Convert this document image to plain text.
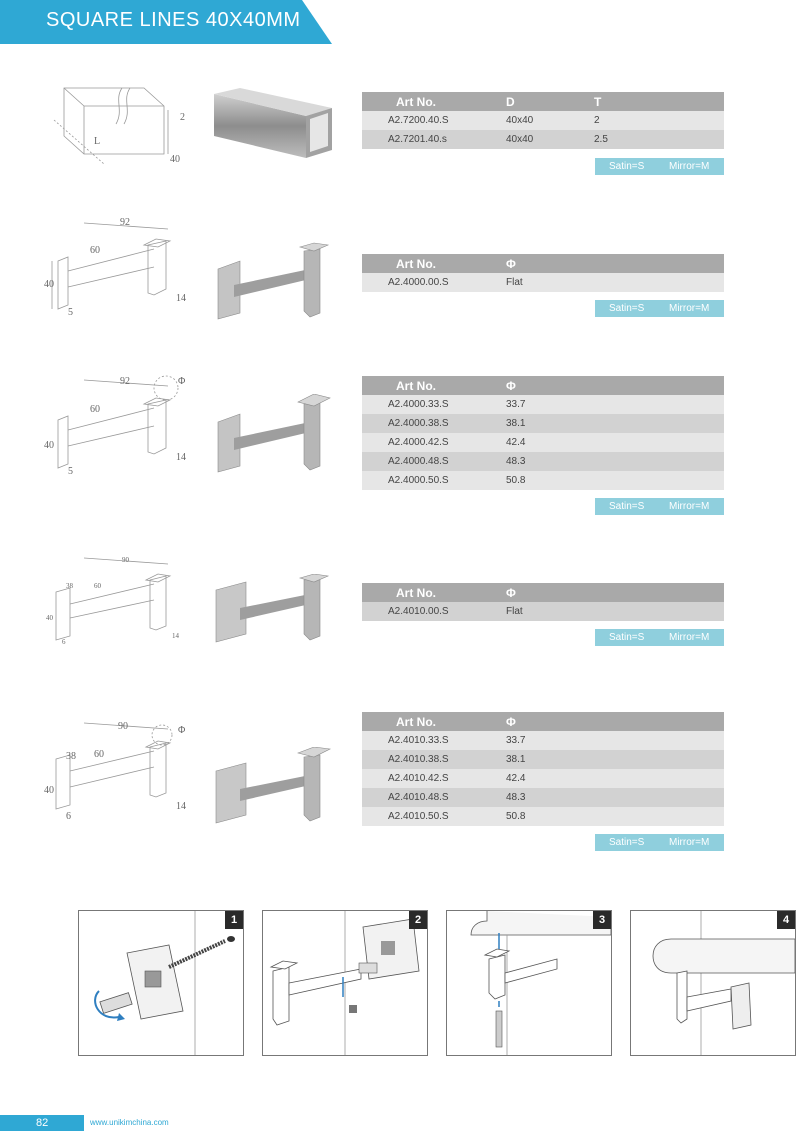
SQUARE LINES 40X40MM
L
40
2
Art No.	D	T
A2.7200.40.S	40x40	2
A2.7201.40.s	40x40	2.5
Satin=S Mirror=M
92
60
40
5
14
Art No.	Φ	
A2.4000.00.S	Flat	
Satin=S Mirror=M
92
60
40
5
14
Φ	Art No.	Φ	
A2.4000.33.S	33.7	
A2.4000.38.S	38.1	
A2.4000.42.S	42.4	
A2.4000.48.S	48.3	
A2.4000.50.S	50.8	
Satin=S Mirror=M
90
60
38
40
6
14
Art No.	Φ	
A2.4010.00.S	Flat	
Satin=S Mirror=M
90
60
38
40
6
14
Φ
Art No.	Φ	
A2.4010.33.S	33.7	
A2.4010.38.S	38.1	
A2.4010.42.S	42.4	
A2.4010.48.S	48.3	
A2.4010.50.S	50.8	
Satin=S Mirror=M
1	2	3	4
82	www.unikimchina.com
